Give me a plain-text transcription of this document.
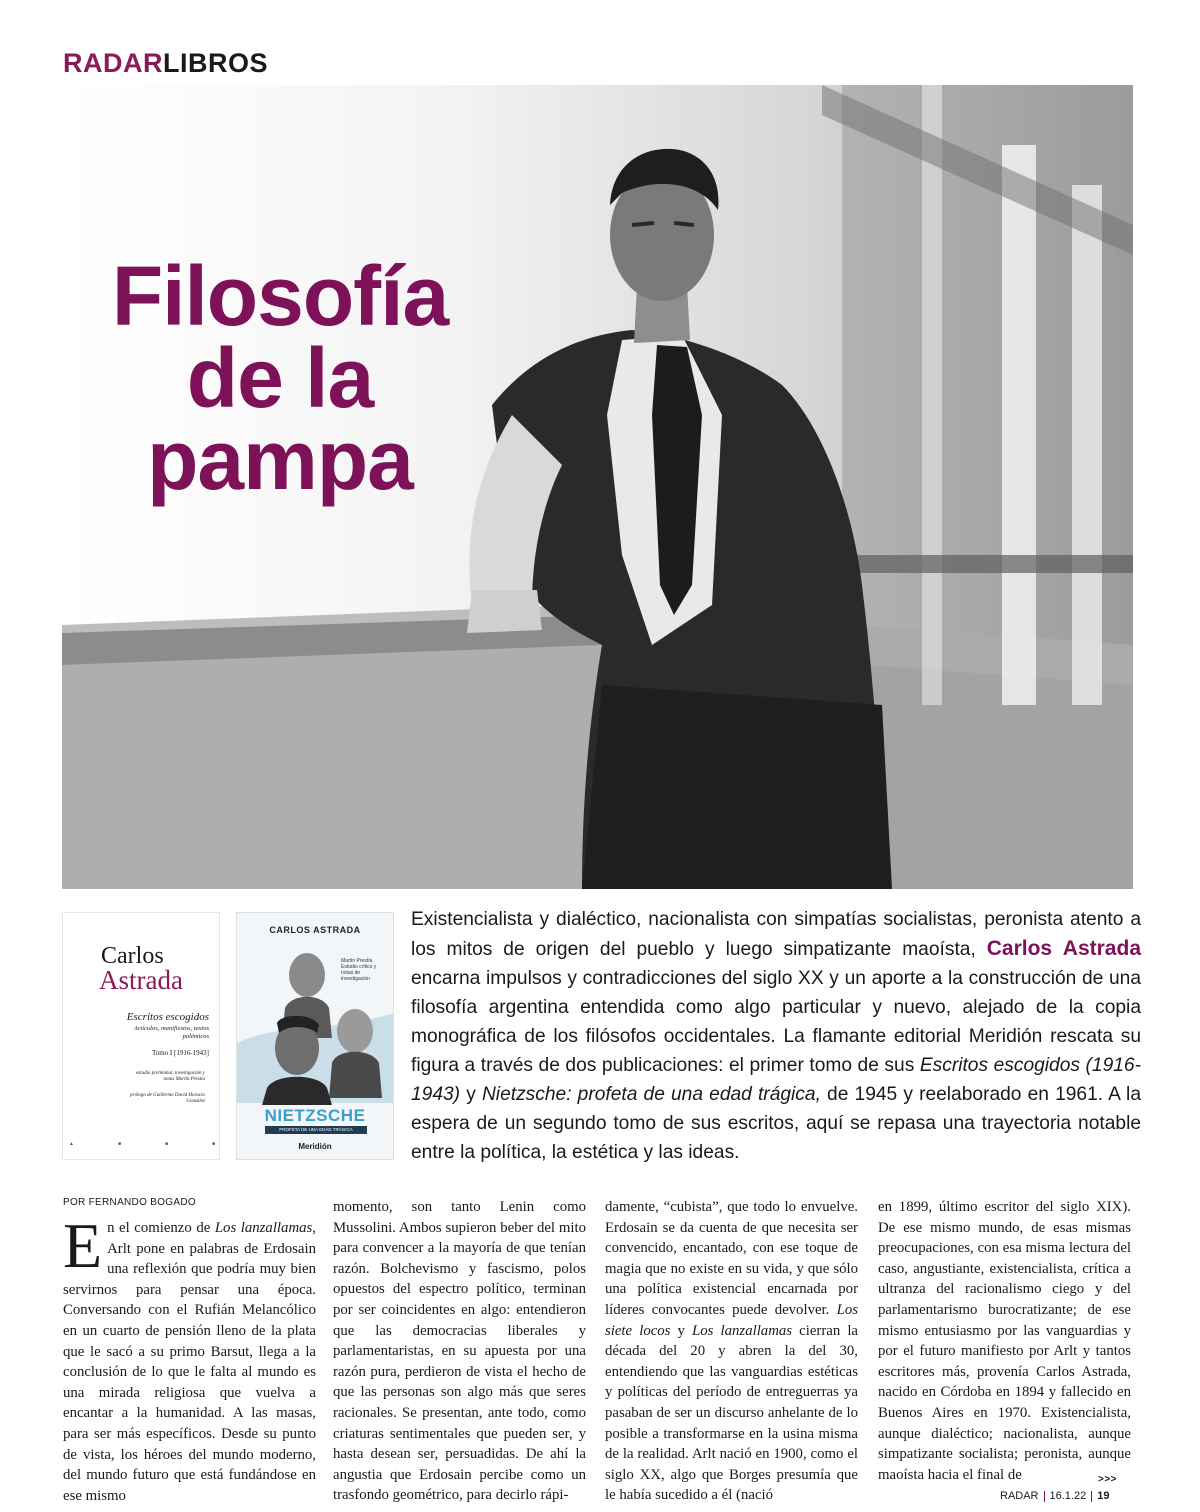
RADARLIBROS
Filosofía
de la
pampa
Carlos
Astrada
Escritos escogidos
Artículos, manifiestos, textos polémicos
Tomo I [1916-1943]
estudio preliminar, investigación y notas Martín Prestía
prólogo de Guillermo David Horacio González
▲	■	■	■
CARLOS ASTRADA
Martín Prestía Estudio crítico y notas de investigación
NIETZSCHE
PROFETA DE UNA EDAD TRÁGICA
Meridión

Existencialista y dialéctico, nacionalista con simpatías socialistas, peronista atento a los mitos de origen del pueblo y luego simpatizante maoísta, Carlos Astrada encarna impulsos y contradicciones del siglo XX y un aporte a la construcción de una filosofía argentina entendida como algo particular y nuevo, alejado de la copia monográfica de los filósofos occidentales. La flamante editorial Meridión rescata su figura a través de dos publicaciones: el primer tomo de sus Escritos escogidos (1916-1943) y Nietzsche: profeta de una edad trágica, de 1945 y reelaborado en 1961. A la espera de un segundo tomo de sus escritos, aquí se repasa una trayectoria notable entre la política, la estética y las ideas.

POR FERNANDO BOGADO
En el comienzo de Los lanzallamas, Arlt pone en palabras de Erdosain una reflexión que podría muy bien servirnos para pensar una época. Conversando con el Rufián Melancólico en un cuarto de pensión lleno de la plata que le sacó a su primo Barsut, llega a la conclusión de lo que le falta al mundo es una mirada religiosa que vuelva a encantar a la humanidad. A las masas, para ser más específicos. Desde su punto de vista, los héroes del mundo moderno, del mundo futuro que está fundándose en ese mismo
momento, son tanto Lenin como Mussolini. Ambos supieron beber del mito para convencer a la mayoría de que tenían razón. Bolchevismo y fascismo, polos opuestos del espectro político, terminan por ser coincidentes en algo: entendieron que las democracias liberales y parlamentaristas, en su apuesta por una razón pura, perdieron de vista el hecho de que las personas son algo más que seres racionales. Se presentan, ante todo, como criaturas sentimentales que pueden ser, y hasta desean ser, persuadidas. De ahí la angustia que Erdosain percibe como un trasfondo geométrico, para decirlo rápi-
damente, “cubista”, que todo lo envuelve. Erdosain se da cuenta de que necesita ser convencido, encantado, con ese toque de magia que no existe en su vida, y que sólo una política existencial encarnada por líderes convocantes puede devolver. Los siete locos y Los lanzallamas cierran la década del 20 y abren la del 30, entendiendo que las vanguardias estéticas y políticas del período de entreguerras ya pasaban de ser un discurso anhelante de lo posible a transformarse en la usina misma de la realidad. Arlt nació en 1900, como el siglo XX, algo que Borges presumía que le había sucedido a él (nació
en 1899, último escritor del siglo XIX). De ese mismo mundo, de esas mismas preocupaciones, con esa misma lectura del caso, angustiante, existencialista, crítica a ultranza del racionalismo ciego y del parlamentarismo burocratizante; de ese mismo entusiasmo por las vanguardias y por el futuro manifiesto por Arlt y tantos escritores más, provenía Carlos Astrada, nacido en Córdoba en 1894 y fallecido en Buenos Aires en 1970. Existencialista, aunque dialéctico; nacionalista, aunque simpatizante socialista; peronista, aunque maoísta hacia el final de	>>>
RADAR 16.1.22 19
